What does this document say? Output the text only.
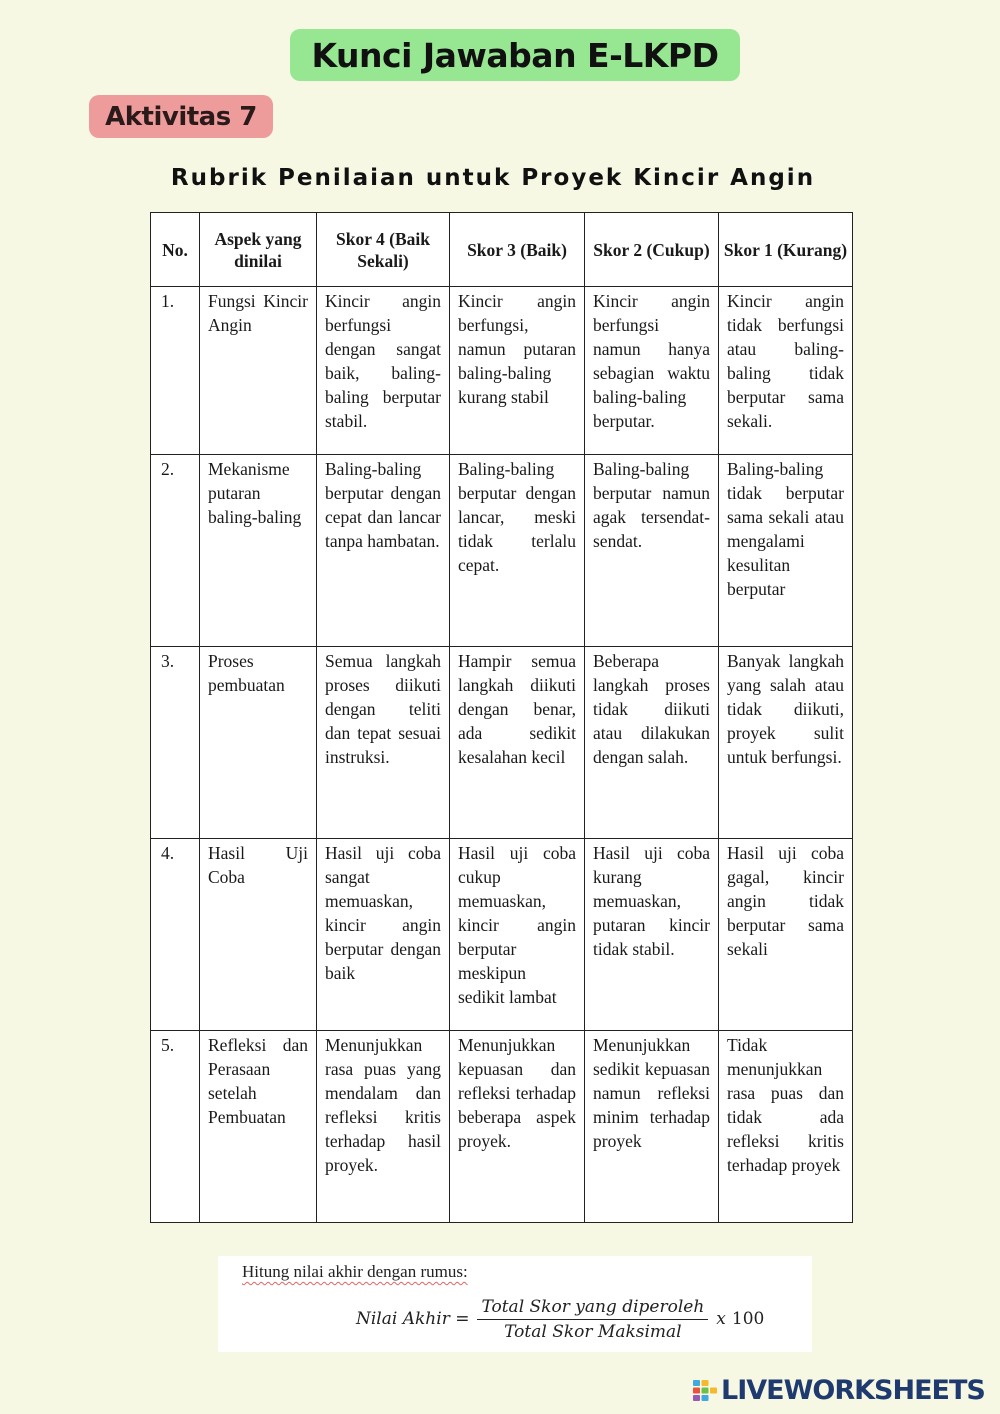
Kunci Jawaban E-LKPD
Aktivitas 7
Rubrik Penilaian untuk Proyek Kincir Angin
No.	Aspek yang dinilai	Skor 4 (Baik Sekali)	Skor 3 (Baik)	Skor 2 (Cukup)	Skor 1 (Kurang)
1.	Fungsi Kincir Angin	Kincir angin berfungsi dengan sangat baik, baling-baling berputar stabil.	Kincir angin berfungsi, namun putaran baling-baling kurang stabil	Kincir angin berfungsi namun hanya sebagian waktu baling-baling berputar.	Kincir angin tidak berfungsi atau baling-baling tidak berputar sama sekali.
2.	Mekanisme putaran baling-baling	Baling-baling berputar dengan cepat dan lancar tanpa hambatan.	Baling-baling berputar dengan lancar, meski tidak terlalu cepat.	Baling-baling berputar namun agak tersendat-sendat.	Baling-baling tidak berputar sama sekali atau mengalami kesulitan berputar
3.	Proses pembuatan	Semua langkah proses diikuti dengan teliti dan tepat sesuai instruksi.	Hampir semua langkah diikuti dengan benar, ada sedikit kesalahan kecil	Beberapa langkah proses tidak diikuti atau dilakukan dengan salah.	Banyak langkah yang salah atau tidak diikuti, proyek sulit untuk berfungsi.
4.	Hasil Uji Coba	Hasil uji coba sangat memuaskan, kincir angin berputar dengan baik	Hasil uji coba cukup memuaskan, kincir angin berputar meskipun sedikit lambat	Hasil uji coba kurang memuaskan, putaran kincir tidak stabil.	Hasil uji coba gagal, kincir angin tidak berputar sama sekali
5.	Refleksi dan Perasaan setelah Pembuatan	Menunjukkan rasa puas yang mendalam dan refleksi kritis terhadap hasil proyek.	Menunjukkan kepuasan dan refleksi terhadap beberapa aspek proyek.	Menunjukkan sedikit kepuasan namun refleksi minim terhadap proyek	Tidak menunjukkan rasa puas dan tidak ada refleksi kritis terhadap proyek
Hitung nilai akhir dengan rumus:
Nilai Akhir = $\frac{\text{Total Skor yang diperoleh}}{\text{Total Skor Maksimal}}$ x 100
LIVEWORKSHEETS
